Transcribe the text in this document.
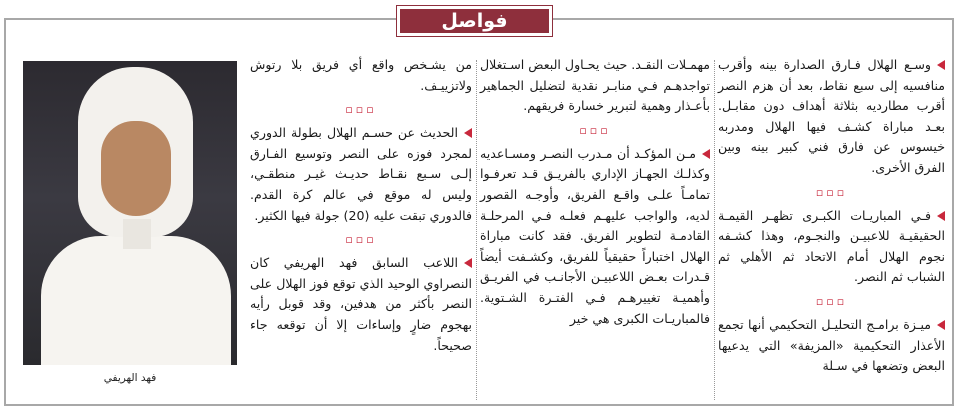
فواصل

وسـع الهلال فـارق الصدارة بينه وأقرب منافسيه إلى سبع نقاط، بعد أن هزم النصر أقرب مطارديه بثلاثة أهداف دون مقابـل. بعـد مباراة كشـف فيها الهلال ومدربه خيسوس عن فارق فني كبير بينه وبين الفرق الأخرى.

▫▫▫

فـي المباريـات الكبـرى تظهـر القيمـة الحقيقيـة للاعبيـن والنجـوم، وهذا كشـفه نجوم الهلال أمام الاتحاد ثم الأهلي ثم الشباب ثم النصر.

▫▫▫

ميـزة برامـج التحليـل التحكيمي أنها تجمع الأعذار التحكيمية «المزيفة» التي يدعيها البعض وتضعها في سـلة

مهمـلات النقـد. حيث يحـاول البعض اسـتغلال تواجدهـم فـي منابـر نقدية لتضليل الجماهير بأعـذار وهمية لتبرير خسارة فريقهم.

▫▫▫

مـن المؤكـد أن مـدرب النصـر ومسـاعديه وكذلـك الجهـاز الإداري بالفريـق قـد تعرفـوا تمامـاً علـى واقـع الفريق، وأوجـه القصور لديه، والواجب عليهـم فعلـه فـي المرحلـة القادمـة لتطوير الفريق. فقد كانت مباراة الهلال اختباراً حقيقياً للفريق، وكشـفت أيضاً قـدرات بعـض اللاعبيـن الأجانـب في الفريـق وأهميـة تغييرهـم فـي الفتـرة الشـتوية. فالمباريـات الكبرى هي خير

من يشـخص واقع أي فريق بلا رتوش ولاتزييـف.

▫▫▫

الحديث عن حسـم الهلال بطولة الدوري لمجرد فوزه على النصر وتوسيع الفـارق إلـى سـبع نقـاط حديـث غيـر منطقـي، وليس له موقع في عالم كرة القدم. فالدوري تبقت عليه (20) جولة فيها الكثير.

▫▫▫

اللاعب السابق فهد الهريفي كان النصراوي الوحيد الذي توقع فوز الهلال على النصر بأكثر من هدفين، وقد قوبل رأيه بهجوم ضارٍ وإساءات إلا أن توقعه جاء صحيحاً.

فهد الهريفي
